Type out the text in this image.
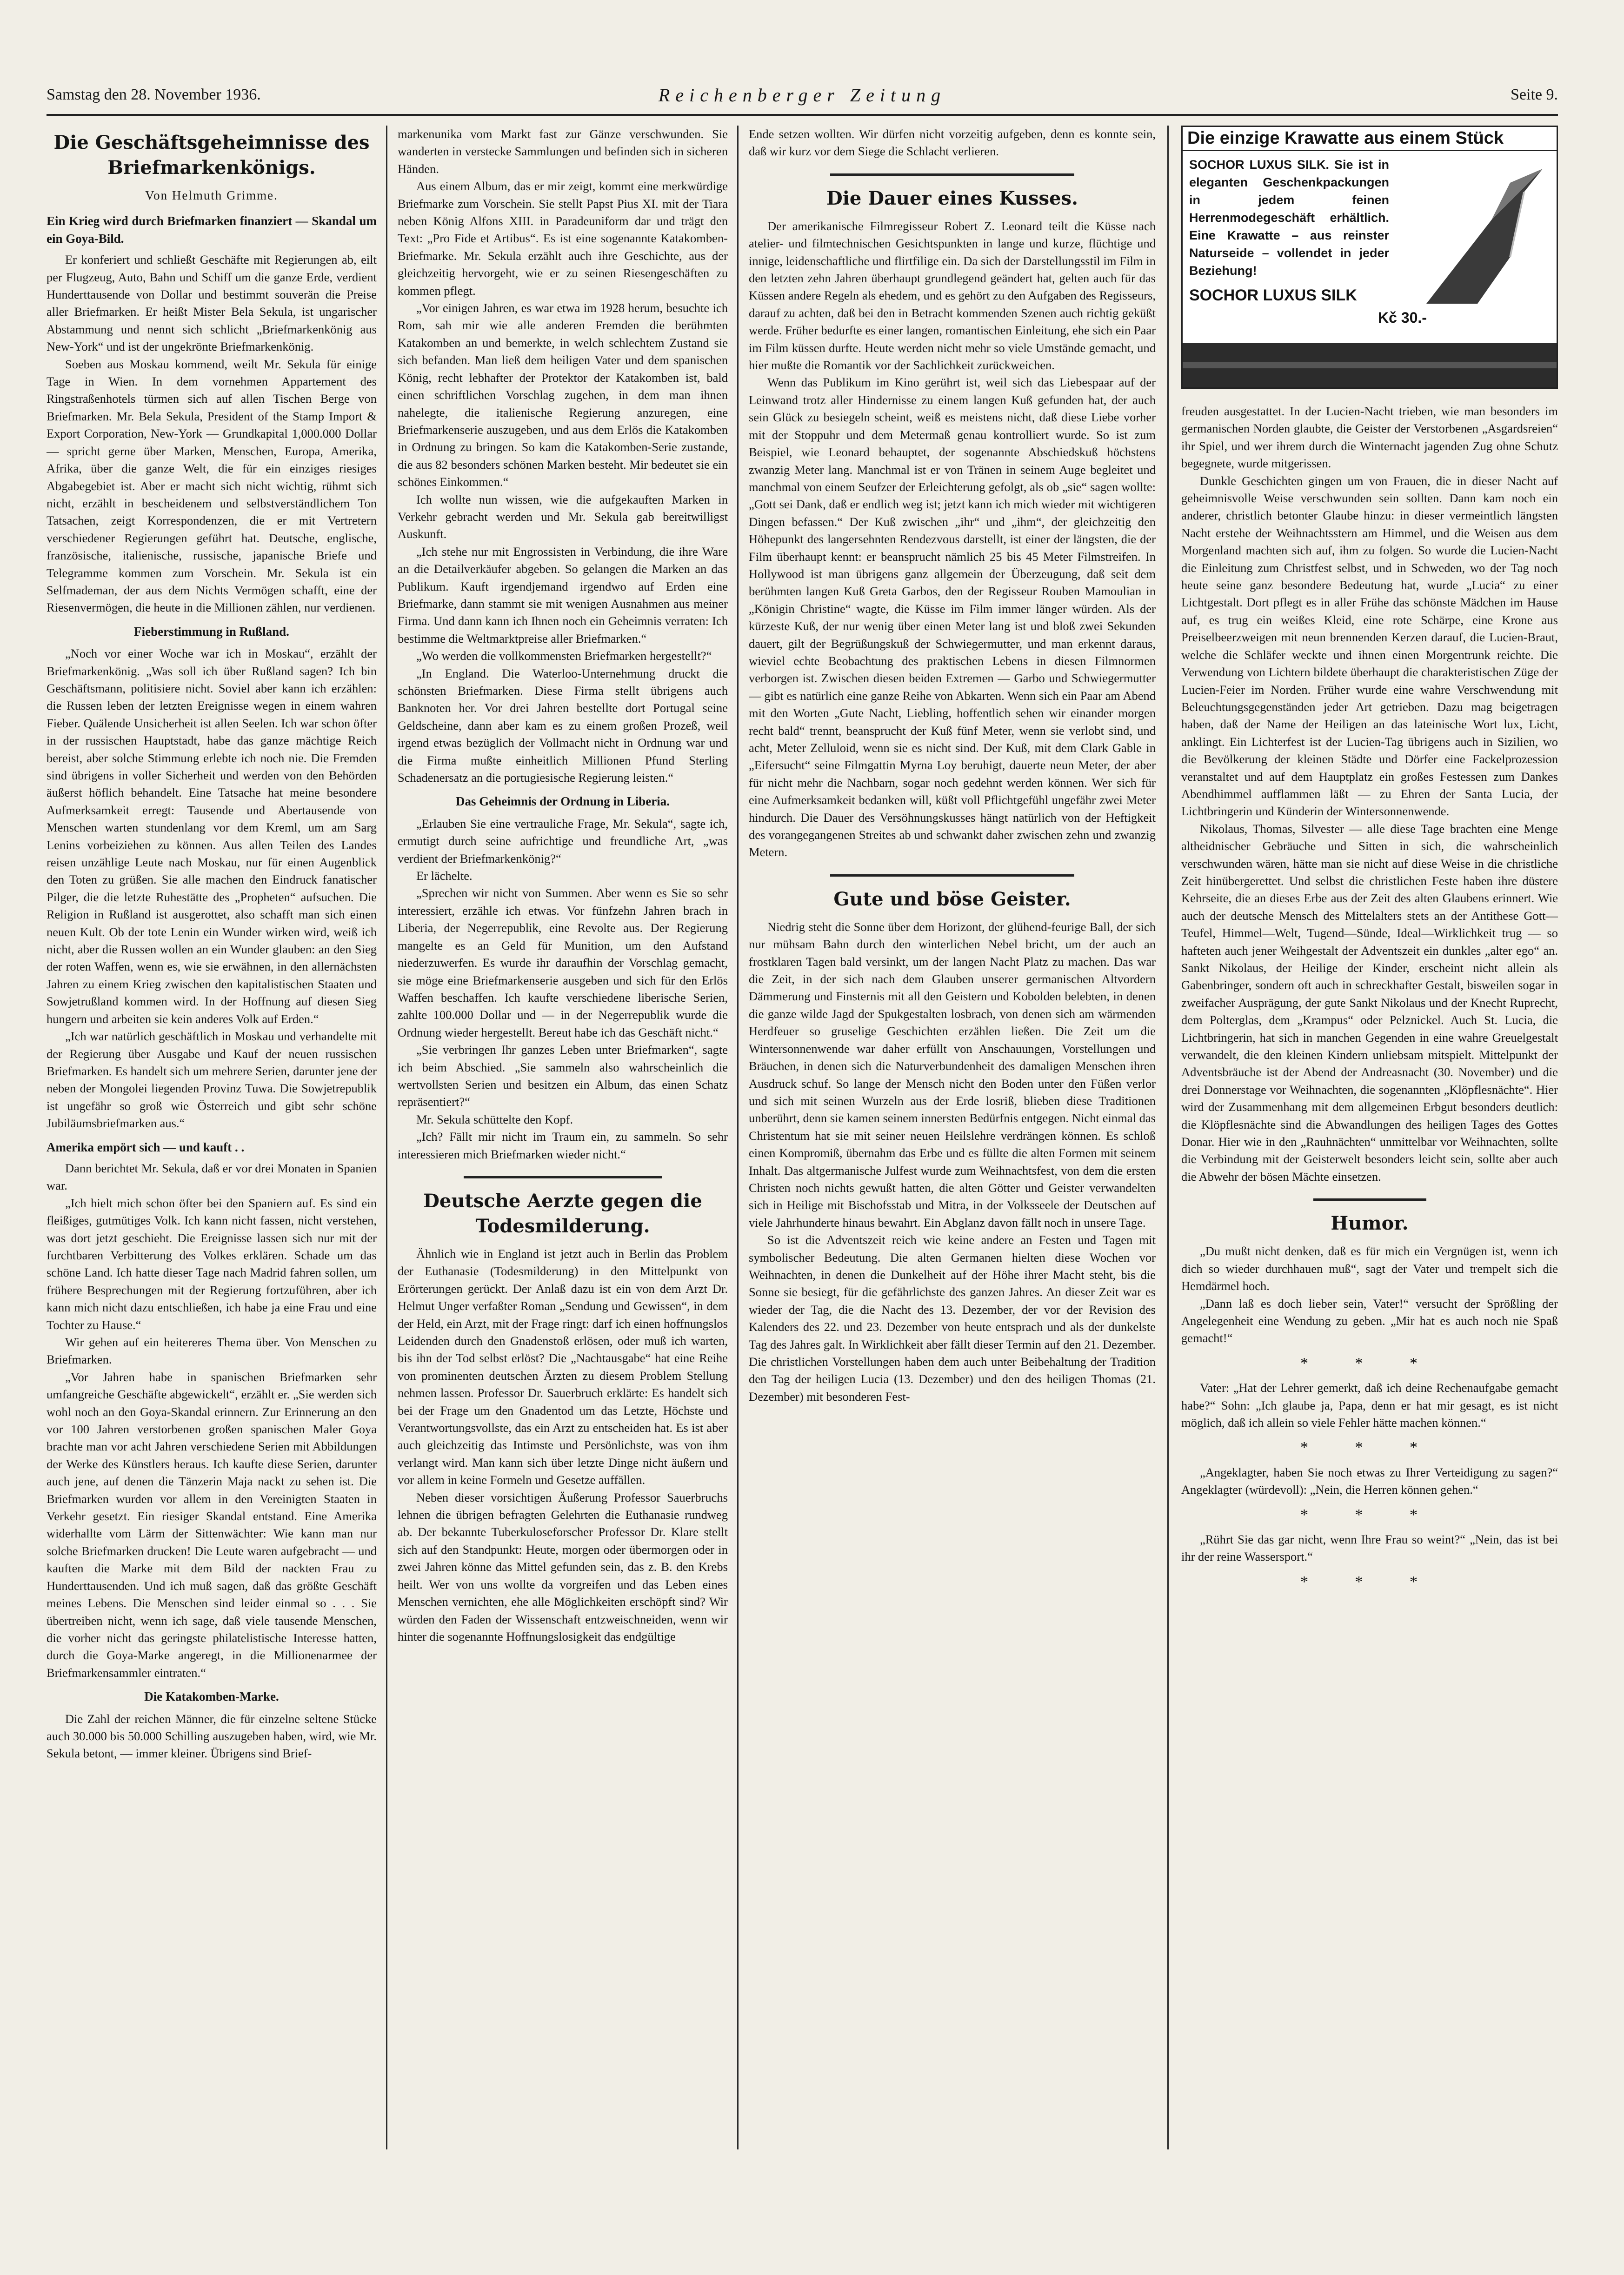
Samstag den 28. November 1936.	Reichenberger Zeitung	Seite 9.
Die Geschäftsgeheimnisse des Briefmarkenkönigs.
Von Helmuth Grimme.
Ein Krieg wird durch Briefmarken finanziert — Skandal um ein Goya-Bild.

Er konferiert und schließt Geschäfte mit Regierungen ab, eilt per Flugzeug, Auto, Bahn und Schiff um die ganze Erde, verdient Hunderttausende von Dollar und bestimmt souverän die Preise aller Briefmarken. Er heißt Mister Bela Sekula, ist ungarischer Abstammung und nennt sich schlicht „Briefmarkenkönig aus New-York“ und ist der ungekrönte Briefmarkenkönig.

Soeben aus Moskau kommend, weilt Mr. Sekula für einige Tage in Wien. In dem vornehmen Appartement des Ringstraßenhotels türmen sich auf allen Tischen Berge von Briefmarken. Mr. Bela Sekula, President of the Stamp Import & Export Corporation, New-York — Grundkapital 1,000.000 Dollar — spricht gerne über Marken, Menschen, Europa, Amerika, Afrika, über die ganze Welt, die für ein einziges riesiges Abgabegebiet ist. Aber er macht sich nicht wichtig, rühmt sich nicht, erzählt in bescheidenem und selbstverständlichem Ton Tatsachen, zeigt Korrespondenzen, die er mit Vertretern verschiedener Regierungen geführt hat. Deutsche, englische, französische, italienische, russische, japanische Briefe und Telegramme kommen zum Vorschein. Mr. Sekula ist ein Selfmademan, der aus dem Nichts Vermögen schafft, eine der Riesenvermögen, die heute in die Millionen zählen, nur verdienen.

Fieberstimmung in Rußland.

„Noch vor einer Woche war ich in Moskau“, erzählt der Briefmarkenkönig. „Was soll ich über Rußland sagen? Ich bin Geschäftsmann, politisiere nicht. Soviel aber kann ich erzählen: die Russen leben der letzten Ereignisse wegen in einem wahren Fieber. Quälende Unsicherheit ist allen Seelen. Ich war schon öfter in der russischen Hauptstadt, habe das ganze mächtige Reich bereist, aber solche Stimmung erlebte ich noch nie. Die Fremden sind übrigens in voller Sicherheit und werden von den Behörden äußerst höflich behandelt. Eine Tatsache hat meine besondere Aufmerksamkeit erregt: Tausende und Abertausende von Menschen warten stundenlang vor dem Kreml, um am Sarg Lenins vorbeiziehen zu können. Aus allen Teilen des Landes reisen unzählige Leute nach Moskau, nur für einen Augenblick den Toten zu grüßen. Sie alle machen den Eindruck fanatischer Pilger, die die letzte Ruhestätte des „Propheten“ aufsuchen. Die Religion in Rußland ist ausgerottet, also schafft man sich einen neuen Kult. Ob der tote Lenin ein Wunder wirken wird, weiß ich nicht, aber die Russen wollen an ein Wunder glauben: an den Sieg der roten Waffen, wenn es, wie sie erwähnen, in den allernächsten Jahren zu einem Krieg zwischen den kapitalistischen Staaten und Sowjetrußland kommen wird. In der Hoffnung auf diesen Sieg hungern und arbeiten sie kein anderes Volk auf Erden.“

„Ich war natürlich geschäftlich in Moskau und verhandelte mit der Regierung über Ausgabe und Kauf der neuen russischen Briefmarken. Es handelt sich um mehrere Serien, darunter jene der neben der Mongolei liegenden Provinz Tuwa. Die Sowjetrepublik ist ungefähr so groß wie Österreich und gibt sehr schöne Jubiläumsbriefmarken aus.“

Amerika empört sich — und kauft . .

Dann berichtet Mr. Sekula, daß er vor drei Monaten in Spanien war.

„Ich hielt mich schon öfter bei den Spaniern auf. Es sind ein fleißiges, gutmütiges Volk. Ich kann nicht fassen, nicht verstehen, was dort jetzt geschieht. Die Ereignisse lassen sich nur mit der furchtbaren Verbitterung des Volkes erklären. Schade um das schöne Land. Ich hatte dieser Tage nach Madrid fahren sollen, um frühere Besprechungen mit der Regierung fortzuführen, aber ich kann mich nicht dazu entschließen, ich habe ja eine Frau und eine Tochter zu Hause.“

Wir gehen auf ein heitereres Thema über. Von Menschen zu Briefmarken.

„Vor Jahren habe in spanischen Briefmarken sehr umfangreiche Geschäfte abgewickelt“, erzählt er. „Sie werden sich wohl noch an den Goya-Skandal erinnern. Zur Erinnerung an den vor 100 Jahren verstorbenen großen spanischen Maler Goya brachte man vor acht Jahren verschiedene Serien mit Abbildungen der Werke des Künstlers heraus. Ich kaufte diese Serien, darunter auch jene, auf denen die Tänzerin Maja nackt zu sehen ist. Die Briefmarken wurden vor allem in den Vereinigten Staaten in Verkehr gesetzt. Ein riesiger Skandal entstand. Eine Amerika widerhallte vom Lärm der Sittenwächter: Wie kann man nur solche Briefmarken drucken! Die Leute waren aufgebracht — und kauften die Marke mit dem Bild der nackten Frau zu Hunderttausenden. Und ich muß sagen, daß das größte Geschäft meines Lebens. Die Menschen sind leider einmal so . . . Sie übertreiben nicht, wenn ich sage, daß viele tausende Menschen, die vorher nicht das geringste philatelistische Interesse hatten, durch die Goya-Marke angeregt, in die Millionenarmee der Briefmarkensammler eintraten.“

Die Katakomben-Marke.

Die Zahl der reichen Männer, die für einzelne seltene Stücke auch 30.000 bis 50.000 Schilling auszugeben haben, wird, wie Mr. Sekula betont, — immer kleiner. Übrigens sind Brief-

markenunika vom Markt fast zur Gänze verschwunden. Sie wanderten in verstecke Sammlungen und befinden sich in sicheren Händen.

Aus einem Album, das er mir zeigt, kommt eine merkwürdige Briefmarke zum Vorschein. Sie stellt Papst Pius XI. mit der Tiara neben König Alfons XIII. in Paradeuniform dar und trägt den Text: „Pro Fide et Artibus“. Es ist eine sogenannte Katakomben-Briefmarke. Mr. Sekula erzählt auch ihre Geschichte, aus der gleichzeitig hervorgeht, wie er zu seinen Riesengeschäften zu kommen pflegt.

„Vor einigen Jahren, es war etwa im 1928 herum, besuchte ich Rom, sah mir wie alle anderen Fremden die berühmten Katakomben an und bemerkte, in welch schlechtem Zustand sie sich befanden. Man ließ dem heiligen Vater und dem spanischen König, recht lebhafter der Protektor der Katakomben ist, bald einen schriftlichen Vorschlag zugehen, in dem man ihnen nahelegte, die italienische Regierung anzuregen, eine Briefmarkenserie auszugeben, und aus dem Erlös die Katakomben in Ordnung zu bringen. So kam die Katakomben-Serie zustande, die aus 82 besonders schönen Marken besteht. Mir bedeutet sie ein schönes Einkommen.“

Ich wollte nun wissen, wie die aufgekauften Marken in Verkehr gebracht werden und Mr. Sekula gab bereitwilligst Auskunft.

„Ich stehe nur mit Engrossisten in Verbindung, die ihre Ware an die Detailverkäufer abgeben. So gelangen die Marken an das Publikum. Kauft irgendjemand irgendwo auf Erden eine Briefmarke, dann stammt sie mit wenigen Ausnahmen aus meiner Firma. Und dann kann ich Ihnen noch ein Geheimnis verraten: Ich bestimme die Weltmarktpreise aller Briefmarken.“

„Wo werden die vollkommensten Briefmarken hergestellt?“

„In England. Die Waterloo-Unternehmung druckt die schönsten Briefmarken. Diese Firma stellt übrigens auch Banknoten her. Vor drei Jahren bestellte dort Portugal seine Geldscheine, dann aber kam es zu einem großen Prozeß, weil irgend etwas bezüglich der Vollmacht nicht in Ordnung war und die Firma mußte einheitlich Millionen Pfund Sterling Schadenersatz an die portugiesische Regierung leisten.“

Das Geheimnis der Ordnung in Liberia.

„Erlauben Sie eine vertrauliche Frage, Mr. Sekula“, sagte ich, ermutigt durch seine aufrichtige und freundliche Art, „was verdient der Briefmarkenkönig?“

Er lächelte.

„Sprechen wir nicht von Summen. Aber wenn es Sie so sehr interessiert, erzähle ich etwas. Vor fünfzehn Jahren brach in Liberia, der Negerrepublik, eine Revolte aus. Der Regierung mangelte es an Geld für Munition, um den Aufstand niederzuwerfen. Es wurde ihr daraufhin der Vorschlag gemacht, sie möge eine Briefmarkenserie ausgeben und sich für den Erlös Waffen beschaffen. Ich kaufte verschiedene liberische Serien, zahlte 100.000 Dollar und — in der Negerrepublik wurde die Ordnung wieder hergestellt. Bereut habe ich das Geschäft nicht.“

„Sie verbringen Ihr ganzes Leben unter Briefmarken“, sagte ich beim Abschied. „Sie sammeln also wahrscheinlich die wertvollsten Serien und besitzen ein Album, das einen Schatz repräsentiert?“

Mr. Sekula schüttelte den Kopf.

„Ich? Fällt mir nicht im Traum ein, zu sammeln. So sehr interessieren mich Briefmarken wieder nicht.“

Deutsche Aerzte gegen die Todesmilderung.

Ähnlich wie in England ist jetzt auch in Berlin das Problem der Euthanasie (Todesmilderung) in den Mittelpunkt von Erörterungen gerückt. Der Anlaß dazu ist ein von dem Arzt Dr. Helmut Unger verfaßter Roman „Sendung und Gewissen“, in dem der Held, ein Arzt, mit der Frage ringt: darf ich einen hoffnungslos Leidenden durch den Gnadenstoß erlösen, oder muß ich warten, bis ihn der Tod selbst erlöst? Die „Nachtausgabe“ hat eine Reihe von prominenten deutschen Ärzten zu diesem Problem Stellung nehmen lassen. Professor Dr. Sauerbruch erklärte: Es handelt sich bei der Frage um den Gnadentod um das Letzte, Höchste und Verantwortungsvollste, das ein Arzt zu entscheiden hat. Es ist aber auch gleichzeitig das Intimste und Persönlichste, was von ihm verlangt wird. Man kann sich über letzte Dinge nicht äußern und vor allem in keine Formeln und Gesetze auffällen.

Neben dieser vorsichtigen Äußerung Professor Sauerbruchs lehnen die übrigen befragten Gelehrten die Euthanasie rundweg ab. Der bekannte Tuberkuloseforscher Professor Dr. Klare stellt sich auf den Standpunkt: Heute, morgen oder übermorgen oder in zwei Jahren könne das Mittel gefunden sein, das z. B. den Krebs heilt. Wer von uns wollte da vorgreifen und das Leben eines Menschen vernichten, ehe alle Möglichkeiten erschöpft sind? Wir würden den Faden der Wissenschaft entzweischneiden, wenn wir hinter die sogenannte Hoffnungslosigkeit das endgültige

Ende setzen wollten. Wir dürfen nicht vorzeitig aufgeben, denn es konnte sein, daß wir kurz vor dem Siege die Schlacht verlieren.

Die Dauer eines Kusses.

Der amerikanische Filmregisseur Robert Z. Leonard teilt die Küsse nach atelier- und filmtechnischen Gesichtspunkten in lange und kurze, flüchtige und innige, leidenschaftliche und flirtfilige ein. Da sich der Darstellungsstil im Film in den letzten zehn Jahren überhaupt grundlegend geändert hat, gelten auch für das Küssen andere Regeln als ehedem, und es gehört zu den Aufgaben des Regisseurs, darauf zu achten, daß bei den in Betracht kommenden Szenen auch richtig geküßt werde. Früher bedurfte es einer langen, romantischen Einleitung, ehe sich ein Paar im Film küssen durfte. Heute werden nicht mehr so viele Umstände gemacht, und hier mußte die Romantik vor der Sachlichkeit zurückweichen.

Wenn das Publikum im Kino gerührt ist, weil sich das Liebespaar auf der Leinwand trotz aller Hindernisse zu einem langen Kuß gefunden hat, der auch sein Glück zu besiegeln scheint, weiß es meistens nicht, daß diese Liebe vorher mit der Stoppuhr und dem Metermaß genau kontrolliert wurde. So ist zum Beispiel, wie Leonard behauptet, der sogenannte Abschiedskuß höchstens zwanzig Meter lang. Manchmal ist er von Tränen in seinem Auge begleitet und manchmal von einem Seufzer der Erleichterung gefolgt, als ob „sie“ sagen wollte: „Gott sei Dank, daß er endlich weg ist; jetzt kann ich mich wieder mit wichtigeren Dingen befassen.“ Der Kuß zwischen „ihr“ und „ihm“, der gleichzeitig den Höhepunkt des langersehnten Rendezvous darstellt, ist einer der längsten, die der Film überhaupt kennt: er beansprucht nämlich 25 bis 45 Meter Filmstreifen. In Hollywood ist man übrigens ganz allgemein der Überzeugung, daß seit dem berühmten langen Kuß Greta Garbos, den der Regisseur Rouben Mamoulian in „Königin Christine“ wagte, die Küsse im Film immer länger würden. Als der kürzeste Kuß, der nur wenig über einen Meter lang ist und bloß zwei Sekunden dauert, gilt der Begrüßungskuß der Schwiegermutter, und man erkennt daraus, wieviel echte Beobachtung des praktischen Lebens in diesen Filmnormen verborgen ist. Zwischen diesen beiden Extremen — Garbo und Schwiegermutter — gibt es natürlich eine ganze Reihe von Abkarten. Wenn sich ein Paar am Abend mit den Worten „Gute Nacht, Liebling, hoffentlich sehen wir einander morgen recht bald“ trennt, beansprucht der Kuß fünf Meter, wenn sie verlobt sind, und acht, Meter Zelluloid, wenn sie es nicht sind. Der Kuß, mit dem Clark Gable in „Eifersucht“ seine Filmgattin Myrna Loy beruhigt, dauerte neun Meter, der aber für nicht mehr die Nachbarn, sogar noch gedehnt werden können. Wer sich für eine Aufmerksamkeit bedanken will, küßt voll Pflichtgefühl ungefähr zwei Meter hindurch. Die Dauer des Versöhnungskusses hängt natürlich von der Heftigkeit des vorangegangenen Streites ab und schwankt daher zwischen zehn und zwanzig Metern.

Gute und böse Geister.

Niedrig steht die Sonne über dem Horizont, der glühend-feurige Ball, der sich nur mühsam Bahn durch den winterlichen Nebel bricht, um der auch an frostklaren Tagen bald versinkt, um der langen Nacht Platz zu machen. Das war die Zeit, in der sich nach dem Glauben unserer germanischen Altvordern Dämmerung und Finsternis mit all den Geistern und Kobolden belebten, in denen die ganze wilde Jagd der Spukgestalten losbrach, von denen sich am wärmenden Herdfeuer so gruselige Geschichten erzählen ließen. Die Zeit um die Wintersonnenwende war daher erfüllt von Anschauungen, Vorstellungen und Bräuchen, in denen sich die Naturverbundenheit des damaligen Menschen ihren Ausdruck schuf. So lange der Mensch nicht den Boden unter den Füßen verlor und sich mit seinen Wurzeln aus der Erde losriß, blieben diese Traditionen unberührt, denn sie kamen seinem innersten Bedürfnis entgegen. Nicht einmal das Christentum hat sie mit seiner neuen Heilslehre verdrängen können. Es schloß einen Kompromiß, übernahm das Erbe und es füllte die alten Formen mit seinem Inhalt. Das altgermanische Julfest wurde zum Weihnachtsfest, von dem die ersten Christen noch nichts gewußt hatten, die alten Götter und Geister verwandelten sich in Heilige mit Bischofsstab und Mitra, in der Volksseele der Deutschen auf viele Jahrhunderte hinaus bewahrt. Ein Abglanz davon fällt noch in unsere Tage.

So ist die Adventszeit reich wie keine andere an Festen und Tagen mit symbolischer Bedeutung. Die alten Germanen hielten diese Wochen vor Weihnachten, in denen die Dunkelheit auf der Höhe ihrer Macht steht, bis die Sonne sie besiegt, für die gefährlichste des ganzen Jahres. An dieser Zeit war es wieder der Tag, die die Nacht des 13. Dezember, der vor der Revision des Kalenders des 22. und 23. Dezember von heute entsprach und als der dunkelste Tag des Jahres galt. In Wirklichkeit aber fällt dieser Termin auf den 21. Dezember. Die christlichen Vorstellungen haben dem auch unter Beibehaltung der Tradition den Tag der heiligen Lucia (13. Dezember) und den des heiligen Thomas (21. Dezember) mit besonderen Fest-

Die einzige Krawatte aus einem Stück
SOCHOR LUXUS SILK. Sie ist in eleganten Geschenkpackungen in jedem feinen Herrenmodegeschäft erhältlich. Eine Krawatte – aus reinster Naturseide – vollendet in jeder Beziehung!
SOCHOR LUXUS SILK
Kč 30.-

freuden ausgestattet. In der Lucien-Nacht trieben, wie man besonders im germanischen Norden glaubte, die Geister der Verstorbenen „Asgardsreien“ ihr Spiel, und wer ihrem durch die Winternacht jagenden Zug ohne Schutz begegnete, wurde mitgerissen.

Dunkle Geschichten gingen um von Frauen, die in dieser Nacht auf geheimnisvolle Weise verschwunden sein sollten. Dann kam noch ein anderer, christlich betonter Glaube hinzu: in dieser vermeintlich längsten Nacht erstehe der Weihnachtsstern am Himmel, und die Weisen aus dem Morgenland machten sich auf, ihm zu folgen. So wurde die Lucien-Nacht die Einleitung zum Christfest selbst, und in Schweden, wo der Tag noch heute seine ganz besondere Bedeutung hat, wurde „Lucia“ zu einer Lichtgestalt. Dort pflegt es in aller Frühe das schönste Mädchen im Hause auf, es trug ein weißes Kleid, eine rote Schärpe, eine Krone aus Preiselbeerzweigen mit neun brennenden Kerzen darauf, die Lucien-Braut, welche die Schläfer weckte und ihnen einen Morgentrunk reichte. Die Verwendung von Lichtern bildete überhaupt die charakteristischen Züge der Lucien-Feier im Norden. Früher wurde eine wahre Verschwendung mit Beleuchtungsgegenständen jeder Art getrieben. Dazu mag beigetragen haben, daß der Name der Heiligen an das lateinische Wort lux, Licht, anklingt. Ein Lichterfest ist der Lucien-Tag übrigens auch in Sizilien, wo die Bevölkerung der kleinen Städte und Dörfer eine Fackelprozession veranstaltet und auf dem Hauptplatz ein großes Festessen zum Dankes Abendhimmel aufflammen läßt — zu Ehren der Santa Lucia, der Lichtbringerin und Künderin der Wintersonnenwende.

Nikolaus, Thomas, Silvester — alle diese Tage brachten eine Menge altheidnischer Gebräuche und Sitten in sich, die wahrscheinlich verschwunden wären, hätte man sie nicht auf diese Weise in die christliche Zeit hinübergerettet. Und selbst die christlichen Feste haben ihre düstere Kehrseite, die an dieses Erbe aus der Zeit des alten Glaubens erinnert. Wie auch der deutsche Mensch des Mittelalters stets an der Antithese Gott—Teufel, Himmel—Welt, Tugend—Sünde, Ideal—Wirklichkeit trug — so hafteten auch jener Weihgestalt der Adventszeit ein dunkles „alter ego“ an. Sankt Nikolaus, der Heilige der Kinder, erscheint nicht allein als Gabenbringer, sondern oft auch in schreckhafter Gestalt, bisweilen sogar in zweifacher Ausprägung, der gute Sankt Nikolaus und der Knecht Ruprecht, dem Polterglas, dem „Krampus“ oder Pelznickel. Auch St. Lucia, die Lichtbringerin, hat sich in manchen Gegenden in eine wahre Greuelgestalt verwandelt, die den kleinen Kindern unliebsam mitspielt. Mittelpunkt der Adventsbräuche ist der Abend der Andreasnacht (30. November) und die drei Donnerstage vor Weihnachten, die sogenannten „Klöpflesnächte“. Hier wird der Zusammenhang mit dem allgemeinen Erbgut besonders deutlich: die Klöpflesnächte sind die Abwandlungen des heiligen Tages des Gottes Donar. Hier wie in den „Rauhnächten“ unmittelbar vor Weihnachten, sollte die Verbindung mit der Geisterwelt besonders leicht sein, sollte aber auch die Abwehr der bösen Mächte einsetzen.

Humor.

„Du mußt nicht denken, daß es für mich ein Vergnügen ist, wenn ich dich so wieder durchhauen muß“, sagt der Vater und trempelt sich die Hemdärmel hoch.

„Dann laß es doch lieber sein, Vater!“ versucht der Sprößling der Angelegenheit eine Wendung zu geben. „Mir hat es auch noch nie Spaß gemacht!“

* * *

Vater: „Hat der Lehrer gemerkt, daß ich deine Rechenaufgabe gemacht habe?“ Sohn: „Ich glaube ja, Papa, denn er hat mir gesagt, es ist nicht möglich, daß ich allein so viele Fehler hätte machen können.“

* * *

„Angeklagter, haben Sie noch etwas zu Ihrer Verteidigung zu sagen?“ Angeklagter (würdevoll): „Nein, die Herren können gehen.“

* * *

„Rührt Sie das gar nicht, wenn Ihre Frau so weint?“ „Nein, das ist bei ihr der reine Wassersport.“

* * *
